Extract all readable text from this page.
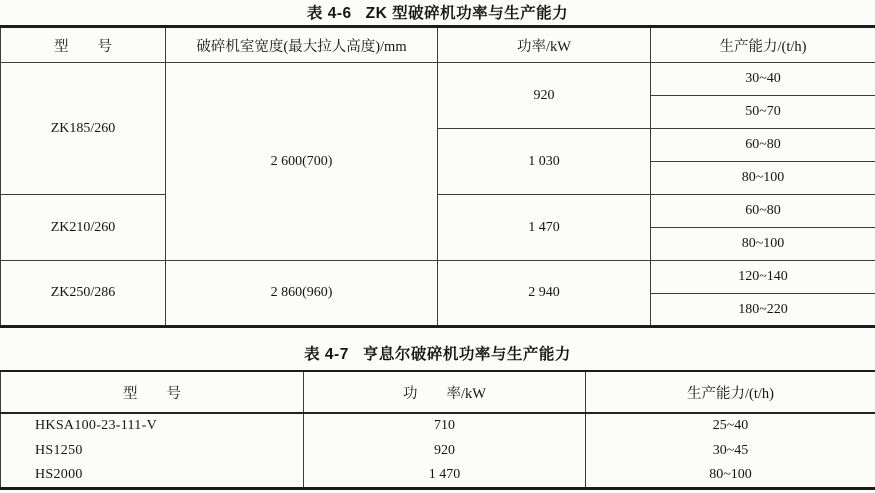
表 4-6 ZK 型破碎机功率与生产能力

型　　号	破碎机室宽度(最大拉人高度)/mm	功率/kW	生产能力/(t/h)
ZK185/260	2 600(700)	920	30~40
			50~70
		1 030	60~80
			80~100
ZK210/260		1 470	60~80
			80~100
ZK250/286	2 860(960)	2 940	120~140
			180~220

表 4-7 亨息尔破碎机功率与生产能力

型　　号	功　　率/kW	生产能力/(t/h)
HKSA100-23-111-V	710	25~40
HS1250	920	30~45
HS2000	1 470	80~100
